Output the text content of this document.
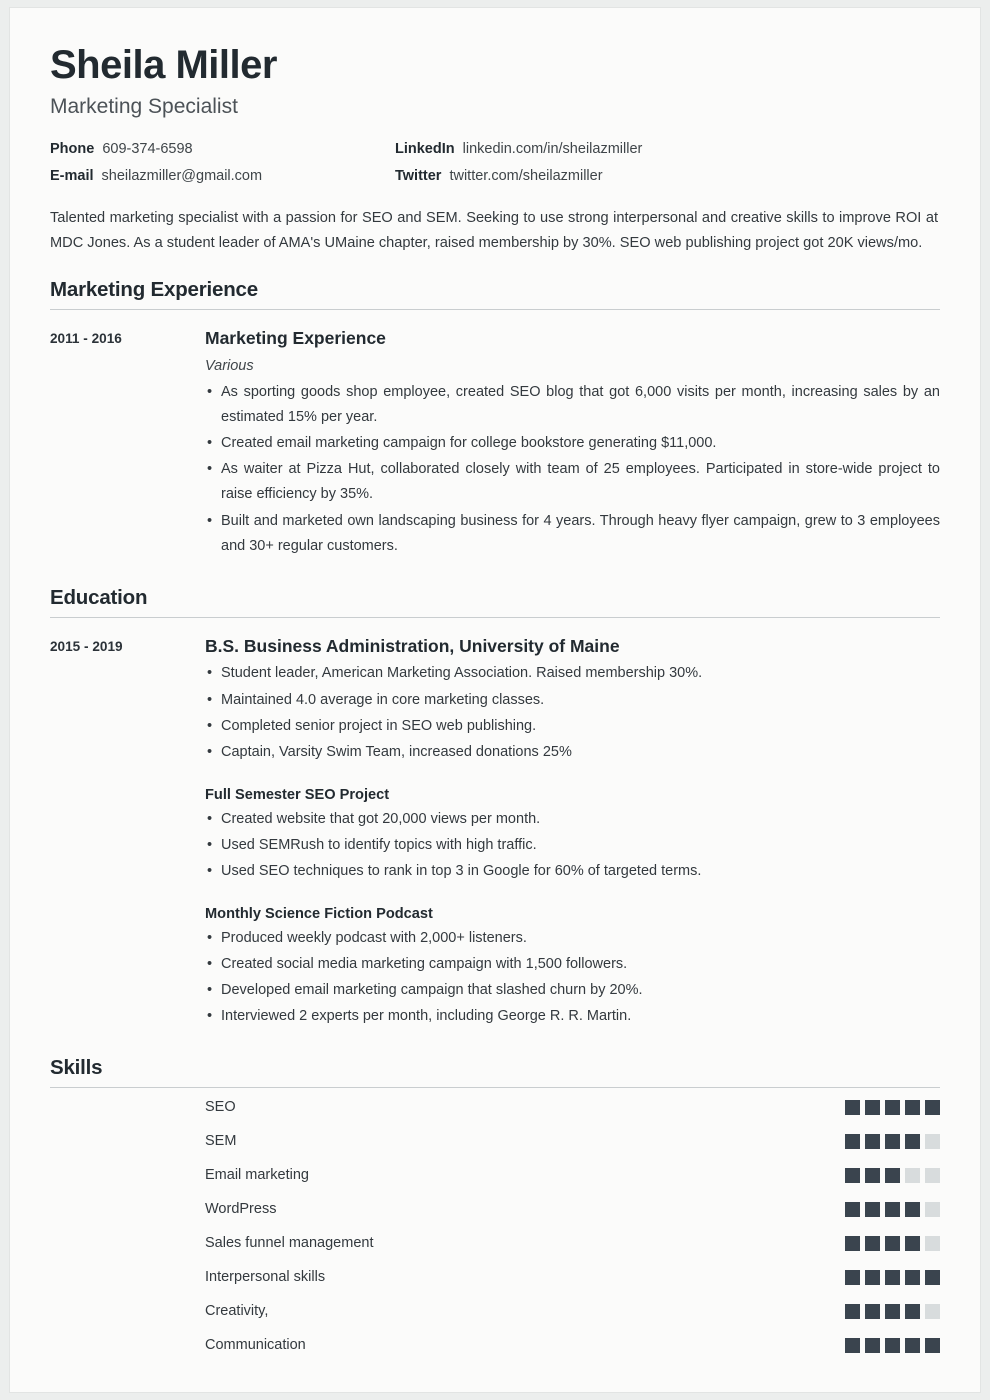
Sheila Miller
Marketing Specialist
Phone 609-374-6598	LinkedIn linkedin.com/in/sheilazmiller
E-mail sheilazmiller@gmail.com	Twitter twitter.com/sheilazmiller

Talented marketing specialist with a passion for SEO and SEM. Seeking to use strong interpersonal and creative skills to improve ROI at MDC Jones. As a student leader of AMA's UMaine chapter, raised membership by 30%. SEO web publishing project got 20K views/mo.

Marketing Experience
2011 - 2016	Marketing Experience
Various
• As sporting goods shop employee, created SEO blog that got 6,000 visits per month, increasing sales by an estimated 15% per year.
• Created email marketing campaign for college bookstore generating $11,000.
• As waiter at Pizza Hut, collaborated closely with team of 25 employees. Participated in store-wide project to raise efficiency by 35%.
• Built and marketed own landscaping business for 4 years. Through heavy flyer campaign, grew to 3 employees and 30+ regular customers.
Education
2015 - 2019	B.S. Business Administration, University of Maine
• Student leader, American Marketing Association. Raised membership 30%.
• Maintained 4.0 average in core marketing classes.
• Completed senior project in SEO web publishing.
• Captain, Varsity Swim Team, increased donations 25%
Full Semester SEO Project
• Created website that got 20,000 views per month.
• Used SEMRush to identify topics with high traffic.
• Used SEO techniques to rank in top 3 in Google for 60% of targeted terms.
Monthly Science Fiction Podcast
• Produced weekly podcast with 2,000+ listeners.
• Created social media marketing campaign with 1,500 followers.
• Developed email marketing campaign that slashed churn by 20%.
• Interviewed 2 experts per month, including George R. R. Martin.
Skills
SEO
SEM
Email marketing
WordPress
Sales funnel management
Interpersonal skills
Creativity,
Communication
